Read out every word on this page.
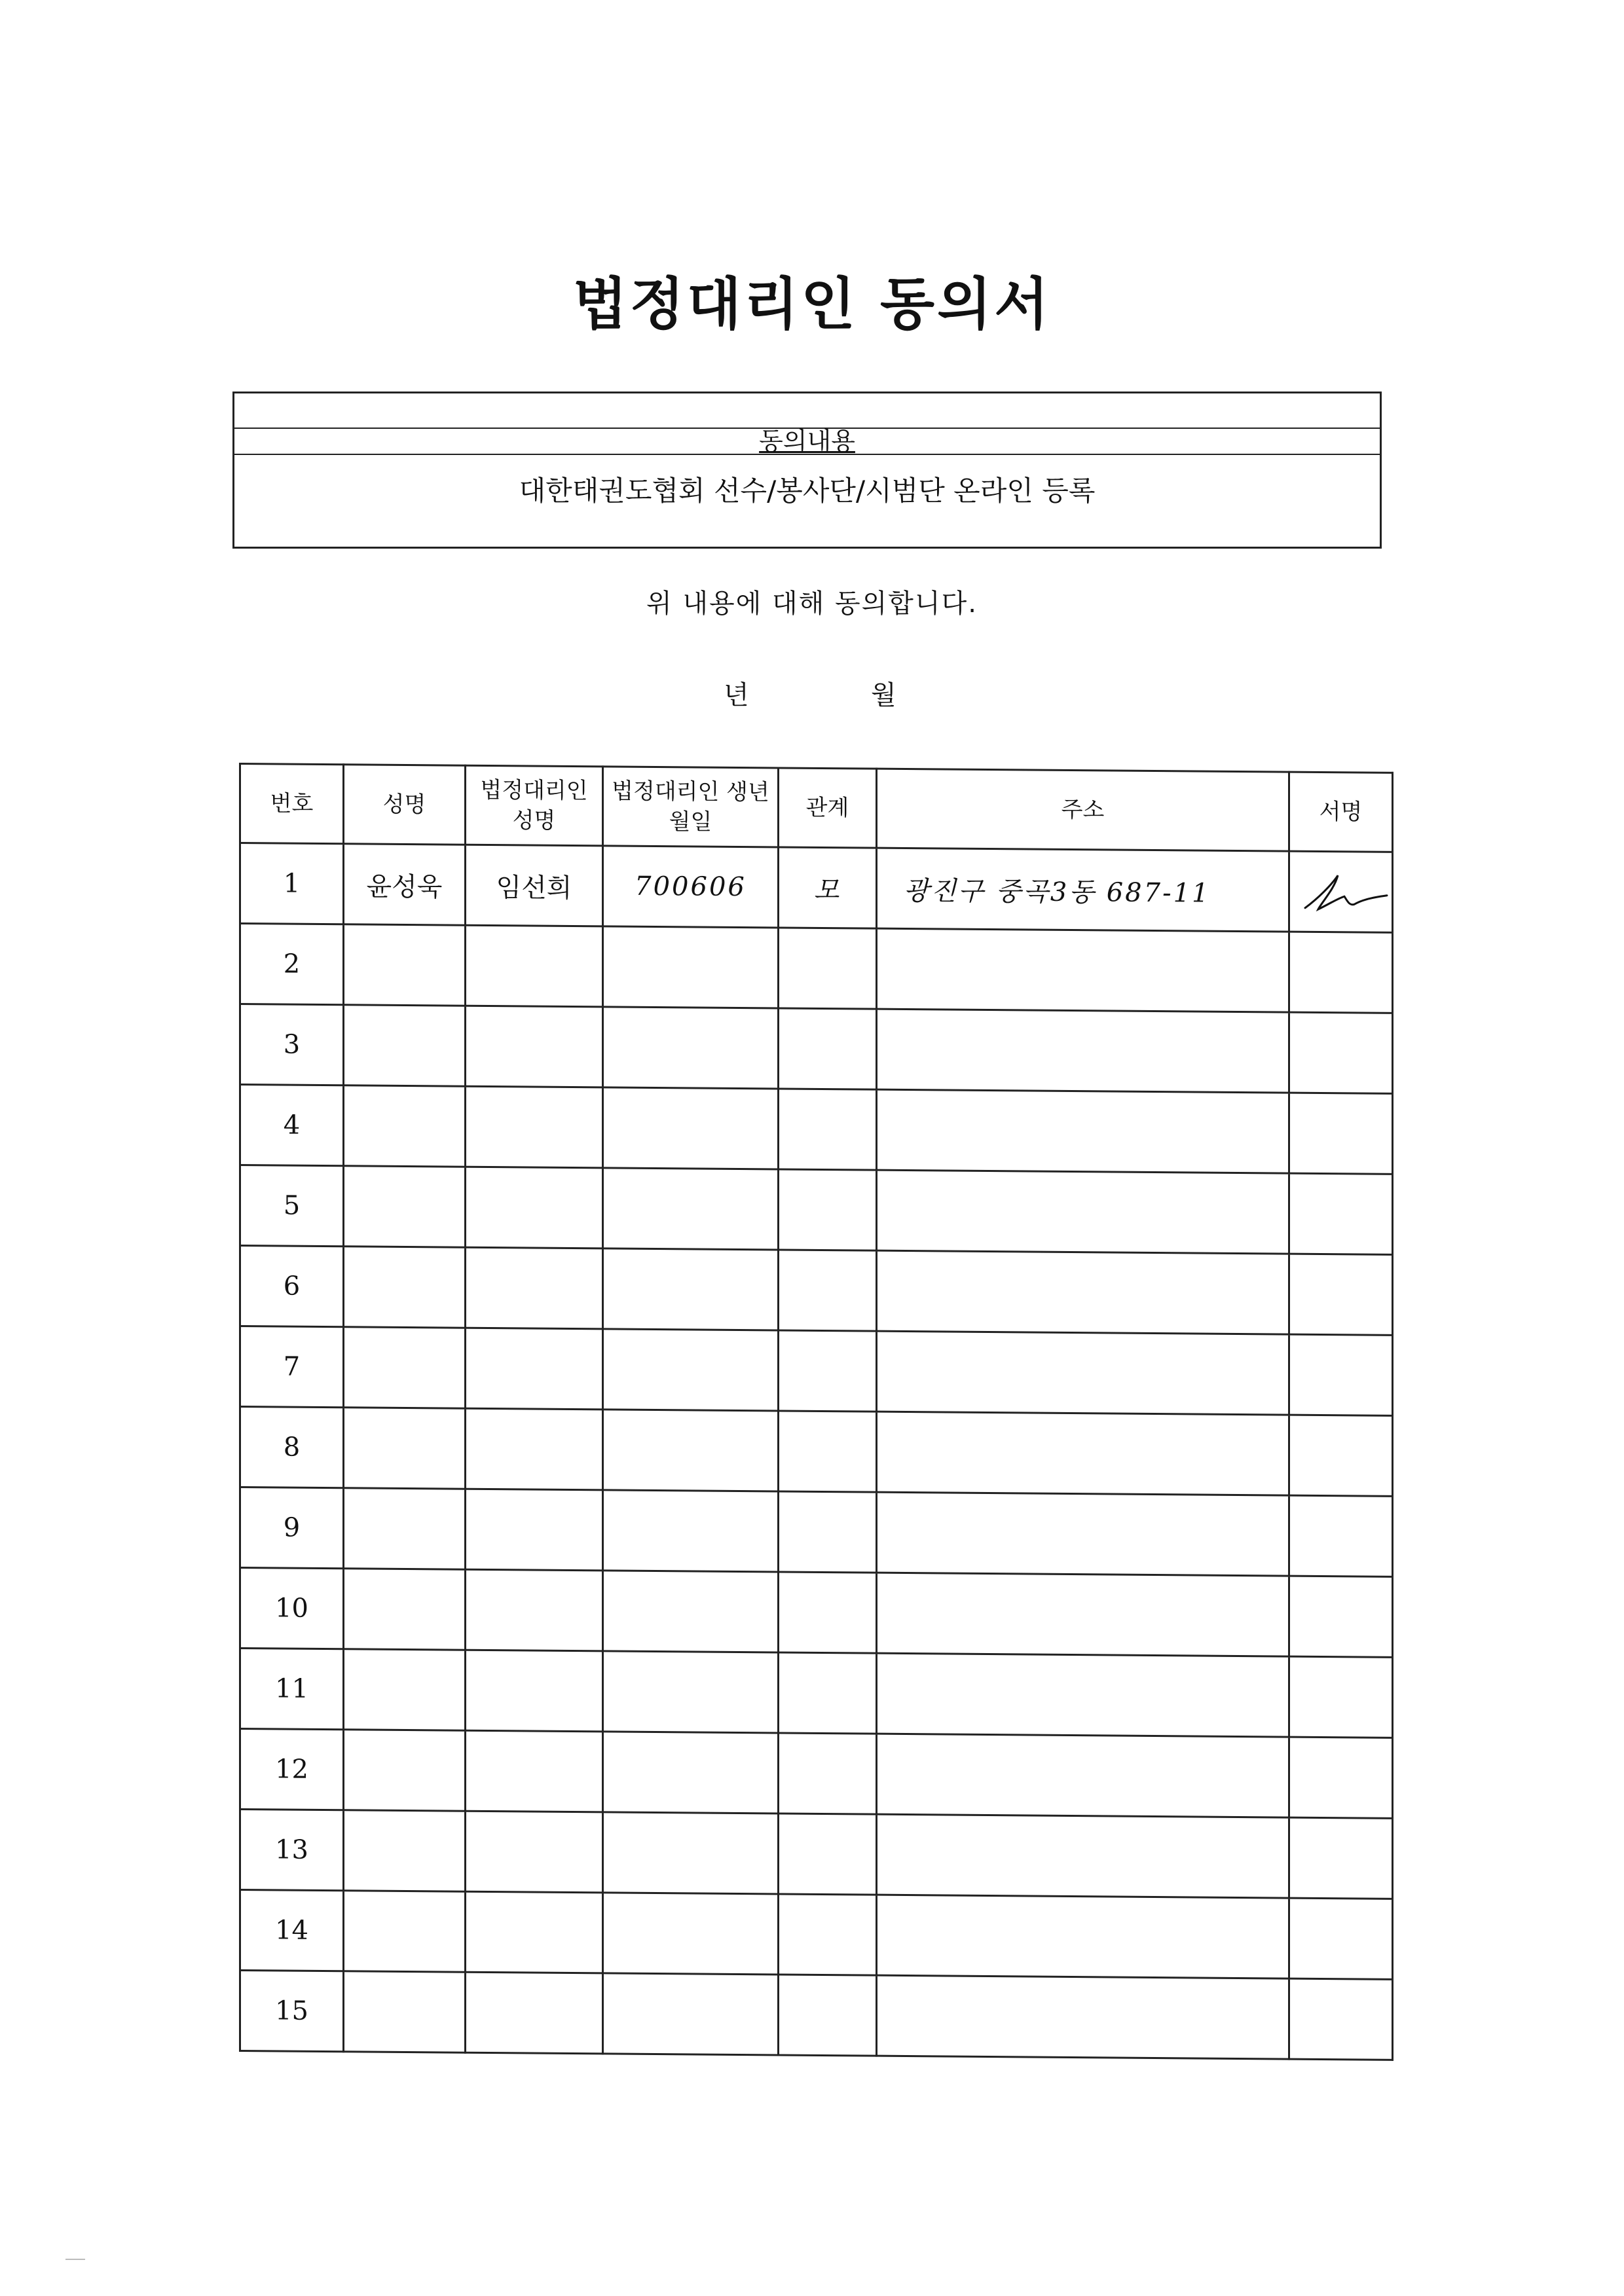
법정대리인 동의서
동의내용
대한태권도협회 선수/봉사단/시범단 온라인 등록
위 내용에 대해 동의합니다.
년	월
번호	성명	법정대리인 성명	법정대리인 생년월일	관계	주소	서명
1	윤성욱	임선희	700606	모	광진구 중곡3동 687-11	

2						
3						
4						
5						
6						
7						
8						
9						
10						
11						
12						
13						
14						
15						
